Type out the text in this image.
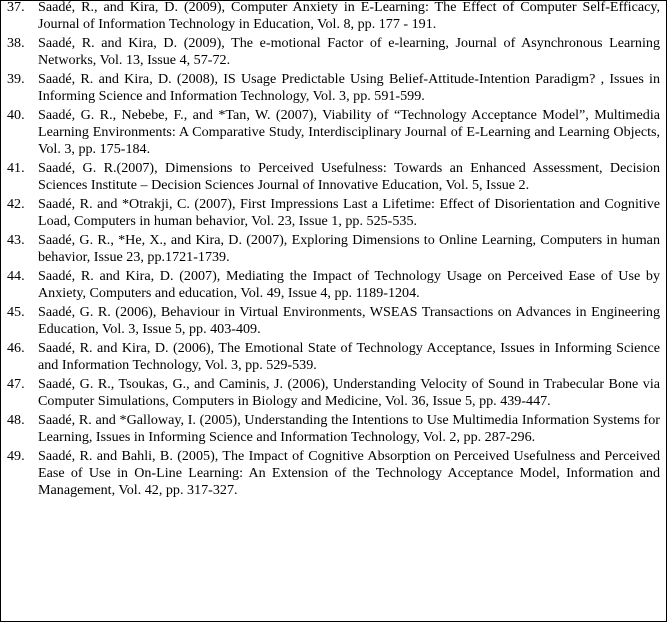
37. Saadé, R., and Kira, D. (2009), Computer Anxiety in E-Learning: The Effect of Computer Self-Efficacy, Journal of Information Technology in Education, Vol. 8, pp. 177 - 191.
38. Saadé, R. and Kira, D. (2009), The e-motional Factor of e-learning, Journal of Asynchronous Learning Networks, Vol. 13, Issue 4, 57-72.
39. Saadé, R. and Kira, D. (2008), IS Usage Predictable Using Belief-Attitude-Intention Paradigm? , Issues in Informing Science and Information Technology, Vol. 3, pp. 591-599.
40. Saadé, G. R., Nebebe, F., and *Tan, W. (2007), Viability of “Technology Acceptance Model”, Multimedia Learning Environments: A Comparative Study, Interdisciplinary Journal of E-Learning and Learning Objects, Vol. 3, pp. 175-184.
41. Saadé, G. R.(2007), Dimensions to Perceived Usefulness: Towards an Enhanced Assessment, Decision Sciences Institute – Decision Sciences Journal of Innovative Education, Vol. 5, Issue 2.
42. Saadé, R. and *Otrakji, C. (2007), First Impressions Last a Lifetime: Effect of Disorientation and Cognitive Load, Computers in human behavior, Vol. 23, Issue 1, pp. 525-535.
43. Saadé, G. R., *He, X., and Kira, D. (2007), Exploring Dimensions to Online Learning, Computers in human behavior, Issue 23, pp.1721-1739.
44. Saadé, R. and Kira, D. (2007), Mediating the Impact of Technology Usage on Perceived Ease of Use by Anxiety, Computers and education, Vol. 49, Issue 4, pp. 1189-1204.
45. Saadé, G. R. (2006), Behaviour in Virtual Environments, WSEAS Transactions on Advances in Engineering Education, Vol. 3, Issue 5, pp. 403-409.
46. Saadé, R. and Kira, D. (2006), The Emotional State of Technology Acceptance, Issues in Informing Science and Information Technology, Vol. 3, pp. 529-539.
47. Saadé, G. R., Tsoukas, G., and Caminis, J. (2006), Understanding Velocity of Sound in Trabecular Bone via Computer Simulations, Computers in Biology and Medicine, Vol. 36, Issue 5, pp. 439-447.
48. Saadé, R. and *Galloway, I. (2005), Understanding the Intentions to Use Multimedia Information Systems for Learning, Issues in Informing Science and Information Technology, Vol. 2, pp. 287-296.
49. Saadé, R. and Bahli, B. (2005), The Impact of Cognitive Absorption on Perceived Usefulness and Perceived Ease of Use in On-Line Learning: An Extension of the Technology Acceptance Model, Information and Management, Vol. 42, pp. 317-327.
